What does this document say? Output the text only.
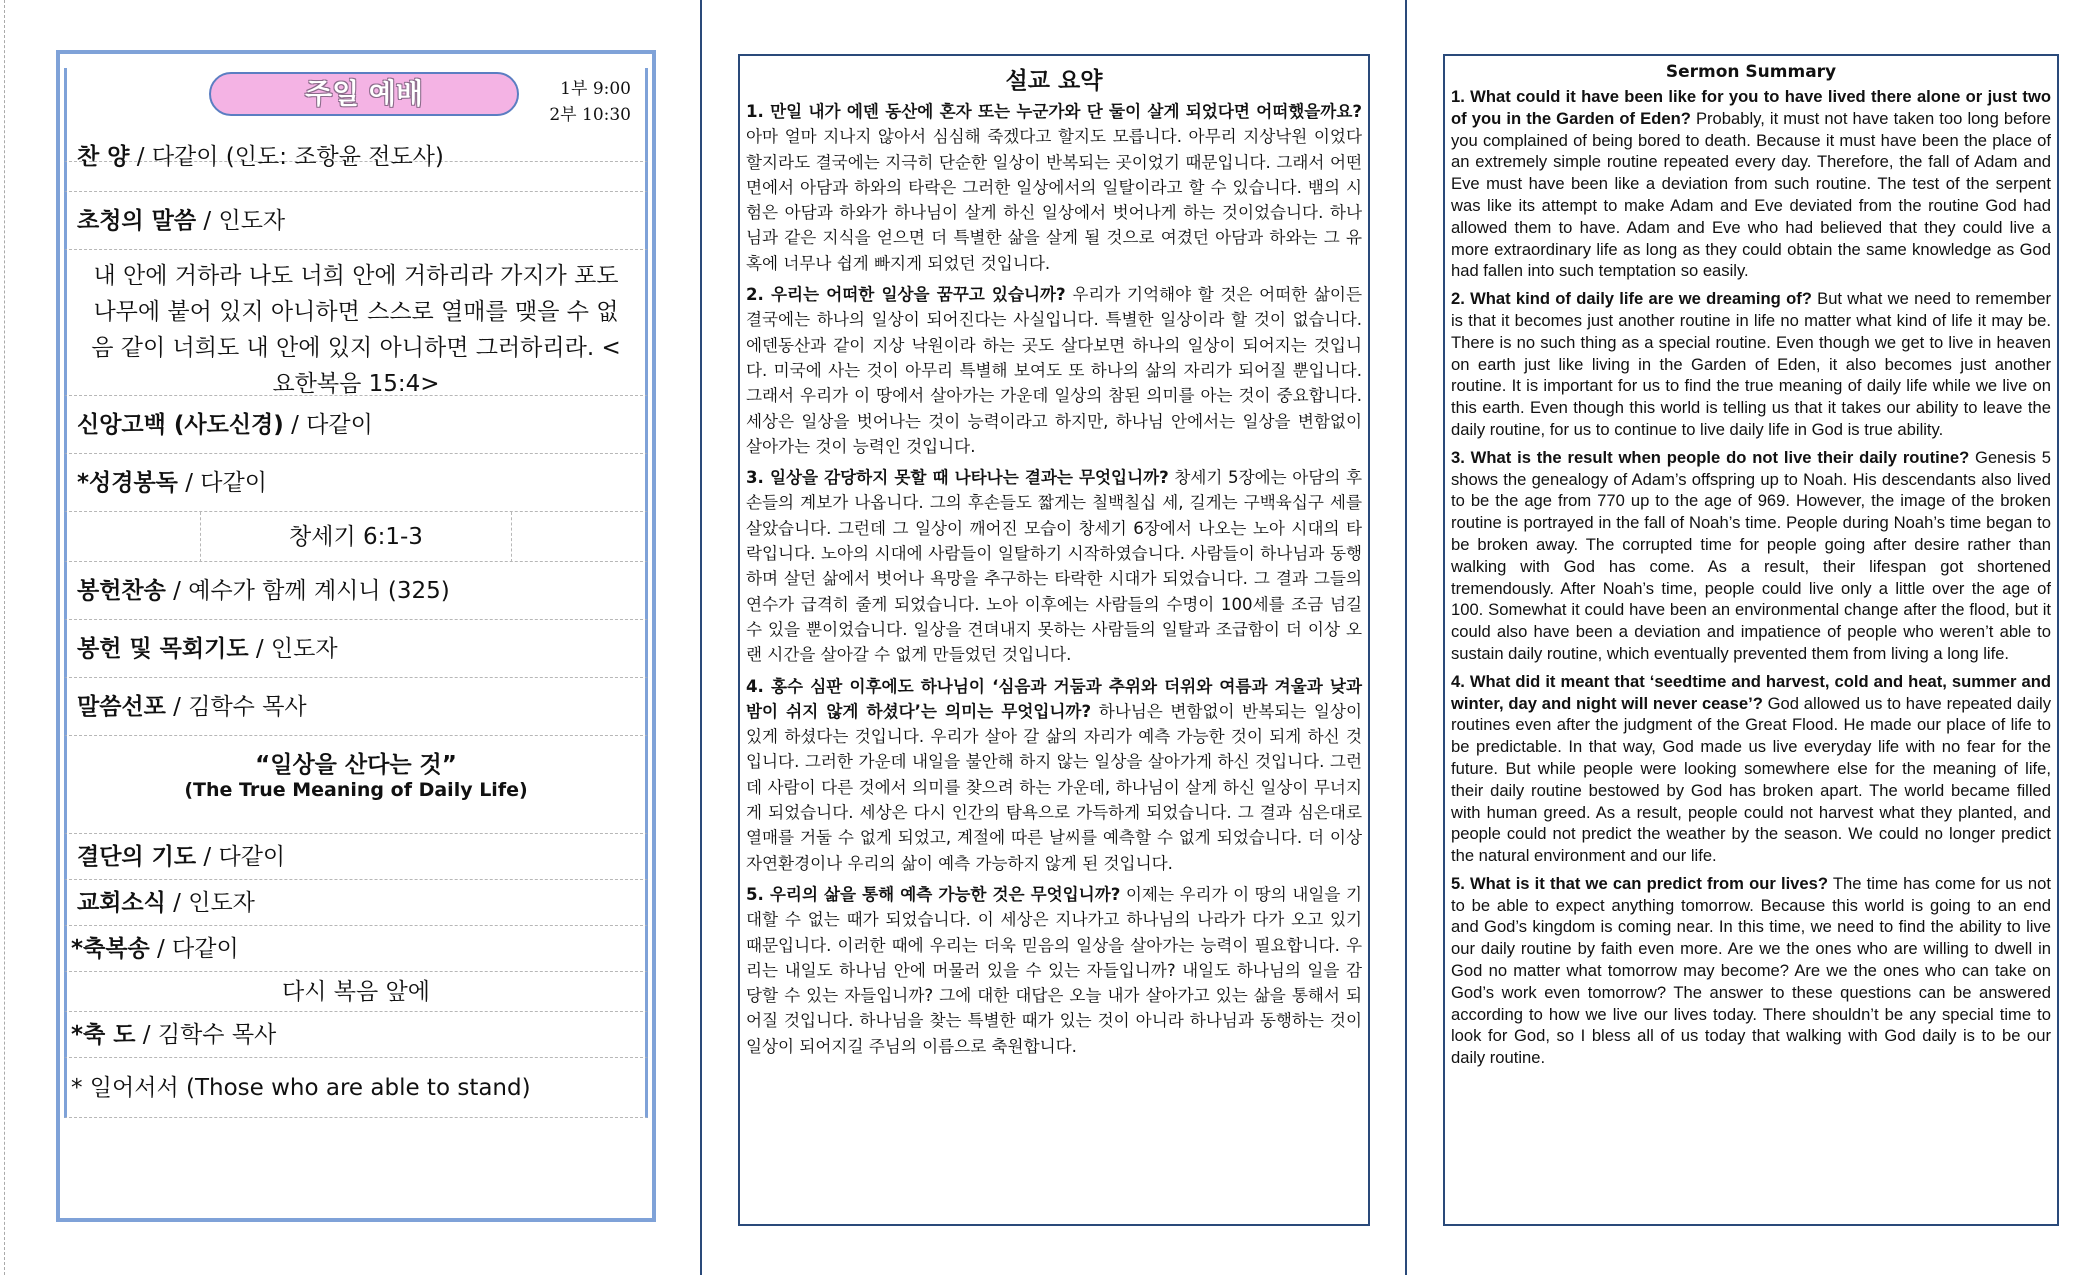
주일 예배	1부 9:00
2부 10:30
찬 양 / 다같이 (인도: 조항윤 전도사)
초청의 말씀 / 인도자
내 안에 거하라 나도 너희 안에 거하리라 가지가 포도나무에 붙어 있지 아니하면 스스로 열매를 맺을 수 없음 같이 너희도 내 안에 있지 아니하면 그러하리라. <요한복음 15:4>
신앙고백 (사도신경) / 다같이
*성경봉독 / 다같이
창세기 6:1-3
봉헌찬송 / 예수가 함께 계시니 (325)
봉헌 및 목회기도 / 인도자
말씀선포 / 김학수 목사
“일상을 산다는 것”
(The True Meaning of Daily Life)
결단의 기도 / 다같이
교회소식 / 인도자
*축복송 / 다같이
다시 복음 앞에
*축 도 / 김학수 목사
* 일어서서 (Those who are able to stand)
설교 요약

1. 만일 내가 에덴 동산에 혼자 또는 누군가와 단 둘이 살게 되었다면 어떠했을까요? 아마 얼마 지나지 않아서 심심해 죽겠다고 할지도 모릅니다. 아무리 지상낙원 이었다 할지라도 결국에는 지극히 단순한 일상이 반복되는 곳이었기 때문입니다. 그래서 어떤 면에서 아담과 하와의 타락은 그러한 일상에서의 일탈이라고 할 수 있습니다. 뱀의 시험은 아담과 하와가 하나님이 살게 하신 일상에서 벗어나게 하는 것이었습니다. 하나님과 같은 지식을 얻으면 더 특별한 삶을 살게 될 것으로 여겼던 아담과 하와는 그 유혹에 너무나 쉽게 빠지게 되었던 것입니다.

2. 우리는 어떠한 일상을 꿈꾸고 있습니까? 우리가 기억해야 할 것은 어떠한 삶이든 결국에는 하나의 일상이 되어진다는 사실입니다. 특별한 일상이라 할 것이 없습니다. 에덴동산과 같이 지상 낙원이라 하는 곳도 살다보면 하나의 일상이 되어지는 것입니다. 미국에 사는 것이 아무리 특별해 보여도 또 하나의 삶의 자리가 되어질 뿐입니다. 그래서 우리가 이 땅에서 살아가는 가운데 일상의 참된 의미를 아는 것이 중요합니다. 세상은 일상을 벗어나는 것이 능력이라고 하지만, 하나님 안에서는 일상을 변함없이 살아가는 것이 능력인 것입니다.

3. 일상을 감당하지 못할 때 나타나는 결과는 무엇입니까? 창세기 5장에는 아담의 후손들의 계보가 나옵니다. 그의 후손들도 짧게는 칠백칠십 세, 길게는 구백육십구 세를 살았습니다. 그런데 그 일상이 깨어진 모습이 창세기 6장에서 나오는 노아 시대의 타락입니다. 노아의 시대에 사람들이 일탈하기 시작하였습니다. 사람들이 하나님과 동행하며 살던 삶에서 벗어나 욕망을 추구하는 타락한 시대가 되었습니다. 그 결과 그들의 연수가 급격히 줄게 되었습니다. 노아 이후에는 사람들의 수명이 100세를 조금 넘길 수 있을 뿐이었습니다. 일상을 견뎌내지 못하는 사람들의 일탈과 조급함이 더 이상 오랜 시간을 살아갈 수 없게 만들었던 것입니다.

4. 홍수 심판 이후에도 하나님이 ‘심음과 거둠과 추위와 더위와 여름과 겨울과 낮과 밤이 쉬지 않게 하셨다’는 의미는 무엇입니까? 하나님은 변함없이 반복되는 일상이 있게 하셨다는 것입니다. 우리가 살아 갈 삶의 자리가 예측 가능한 것이 되게 하신 것입니다. 그러한 가운데 내일을 불안해 하지 않는 일상을 살아가게 하신 것입니다. 그런데 사람이 다른 것에서 의미를 찾으려 하는 가운데, 하나님이 살게 하신 일상이 무너지게 되었습니다. 세상은 다시 인간의 탐욕으로 가득하게 되었습니다. 그 결과 심은대로 열매를 거둘 수 없게 되었고, 계절에 따른 날씨를 예측할 수 없게 되었습니다. 더 이상 자연환경이나 우리의 삶이 예측 가능하지 않게 된 것입니다.

5. 우리의 삶을 통해 예측 가능한 것은 무엇입니까? 이제는 우리가 이 땅의 내일을 기대할 수 없는 때가 되었습니다. 이 세상은 지나가고 하나님의 나라가 다가 오고 있기 때문입니다. 이러한 때에 우리는 더욱 믿음의 일상을 살아가는 능력이 필요합니다. 우리는 내일도 하나님 안에 머물러 있을 수 있는 자들입니까? 내일도 하나님의 일을 감당할 수 있는 자들입니까? 그에 대한 대답은 오늘 내가 살아가고 있는 삶을 통해서 되어질 것입니다. 하나님을 찾는 특별한 때가 있는 것이 아니라 하나님과 동행하는 것이 일상이 되어지길 주님의 이름으로 축원합니다.

Sermon Summary

1. What could it have been like for you to have lived there alone or just two of you in the Garden of Eden? Probably, it must not have taken too long before you complained of being bored to death. Because it must have been the place of an extremely simple routine repeated every day. Therefore, the fall of Adam and Eve must have been like a deviation from such routine. The test of the serpent was like its attempt to make Adam and Eve deviated from the routine God had allowed them to have. Adam and Eve who had believed that they could live a more extraordinary life as long as they could obtain the same knowledge as God had fallen into such temptation so easily.

2. What kind of daily life are we dreaming of? But what we need to remember is that it becomes just another routine in life no matter what kind of life it may be. There is no such thing as a special routine. Even though we get to live in heaven on earth just like living in the Garden of Eden, it also becomes just another routine. It is important for us to find the true meaning of daily life while we live on this earth. Even though this world is telling us that it takes our ability to leave the daily routine, for us to continue to live daily life in God is true ability.

3. What is the result when people do not live their daily routine? Genesis 5 shows the genealogy of Adam’s offspring up to Noah. His descendants also lived to be the age from 770 up to the age of 969. However, the image of the broken routine is portrayed in the fall of Noah’s time. People during Noah’s time began to be broken away. The corrupted time for people going after desire rather than walking with God has come. As a result, their lifespan got shortened tremendously. After Noah’s time, people could live only a little over the age of 100. Somewhat it could have been an environmental change after the flood, but it could also have been a deviation and impatience of people who weren’t able to sustain daily routine, which eventually prevented them from living a long life.

4. What did it meant that ‘seedtime and harvest, cold and heat, summer and winter, day and night will never cease’? God allowed us to have repeated daily routines even after the judgment of the Great Flood. He made our place of life to be predictable. In that way, God made us live everyday life with no fear for the future. But while people were looking somewhere else for the meaning of life, their daily routine bestowed by God has broken apart. The world became filled with human greed. As a result, people could not harvest what they planted, and people could not predict the weather by the season. We could no longer predict the natural environment and our life.

5. What is it that we can predict from our lives? The time has come for us not to be able to expect anything tomorrow. Because this world is going to an end and God’s kingdom is coming near. In this time, we need to find the ability to live our daily routine by faith even more. Are we the ones who are willing to dwell in God no matter what tomorrow may become? Are we the ones who can take on God’s work even tomorrow? The answer to these questions can be answered according to how we live our lives today. There shouldn’t be any special time to look for God, so I bless all of us today that walking with God daily is to be our daily routine.
